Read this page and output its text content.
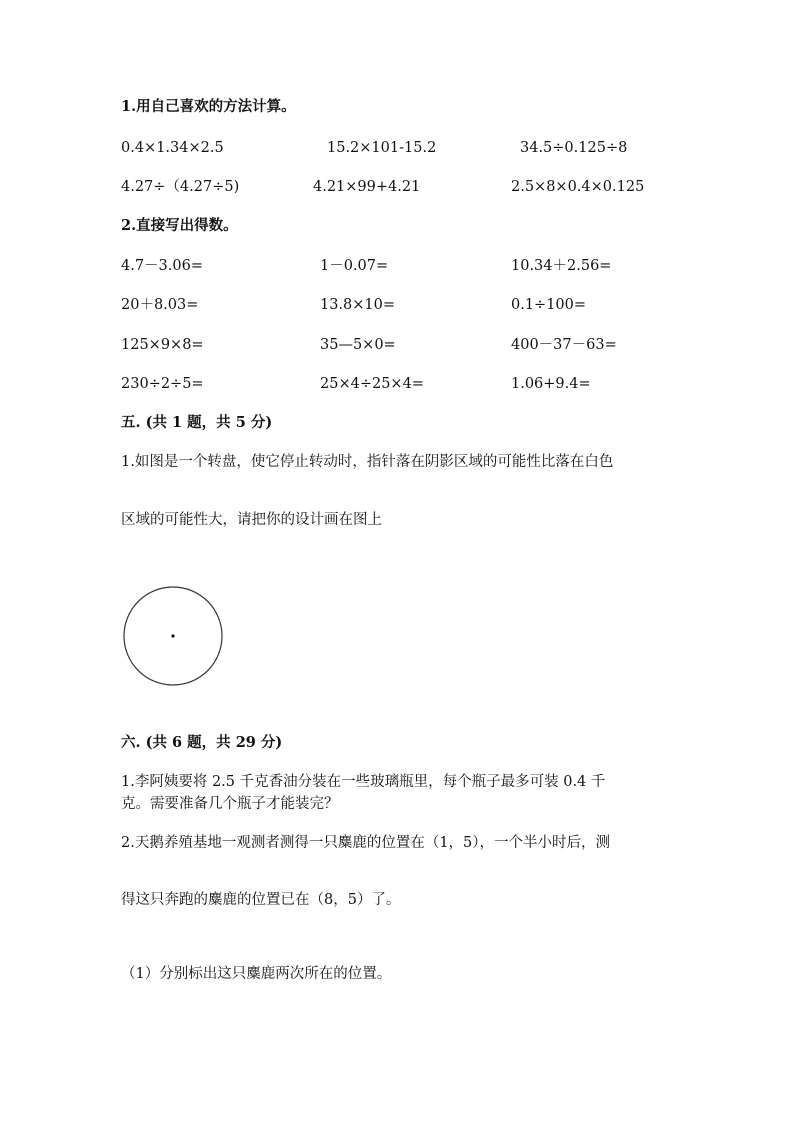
1.用自己喜欢的方法计算。
0.4×1.34×2.5	15.2×101-15.2	34.5÷0.125÷8
4.27÷（4.27÷5)	4.21×99+4.21	2.5×8×0.4×0.125
2.直接写出得数。
4.7－3.06=	1－0.07=	10.34＋2.56=
20＋8.03=	13.8×10=	0.1÷100=
125×9×8=	35—5×0=	400－37－63=
230÷2÷5=	25×4÷25×4=	1.06+9.4=
五. (共 1 题，共 5 分)
1.如图是一个转盘，使它停止转动时，指针落在阴影区域的可能性比落在白色
区域的可能性大，请把你的设计画在图上
六. (共 6 题，共 29 分)
1.李阿姨要将 2.5 千克香油分装在一些玻璃瓶里，每个瓶子最多可装 0.4 千
克。需要准备几个瓶子才能装完？
2.天鹅养殖基地一观测者测得一只麋鹿的位置在（1，5），一个半小时后，测
得这只奔跑的麋鹿的位置已在（8，5）了。
（1）分别标出这只麋鹿两次所在的位置。
